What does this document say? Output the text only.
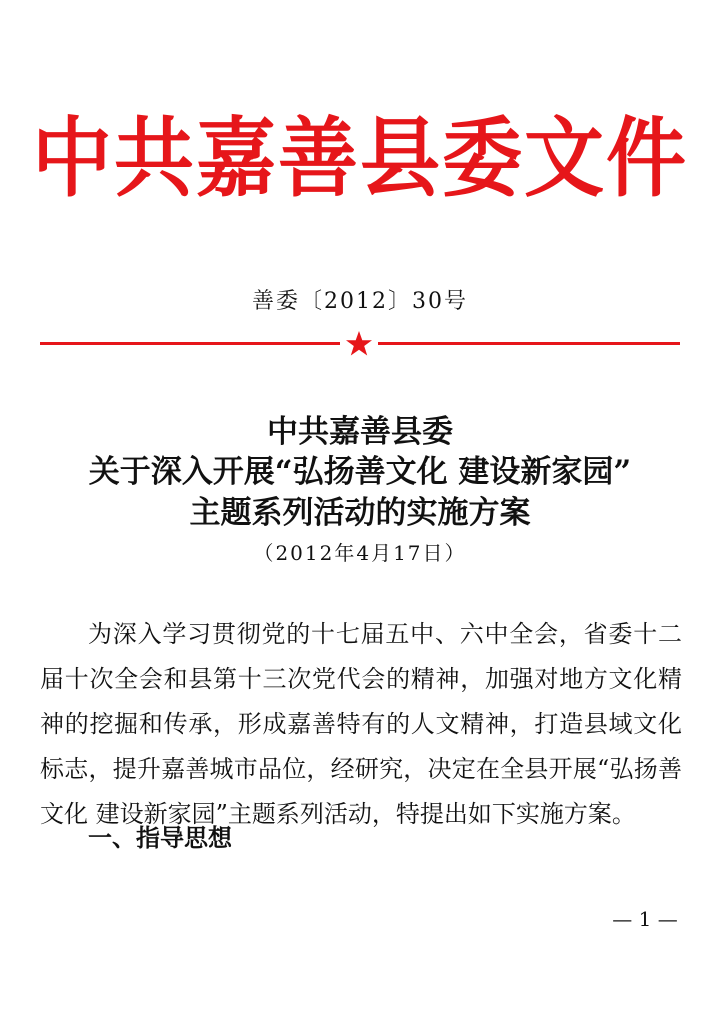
中共嘉善县委文件
善委〔2012〕30号
中共嘉善县委
关于深入开展“弘扬善文化 建设新家园”
主题系列活动的实施方案
（2012年4月17日）

为深入学习贯彻党的十七届五中、六中全会，省委十二届十次全会和县第十三次党代会的精神，加强对地方文化精神的挖掘和传承，形成嘉善特有的人文精神，打造县域文化标志，提升嘉善城市品位，经研究，决定在全县开展“弘扬善文化 建设新家园”主题系列活动，特提出如下实施方案。

一、指导思想
— 1 —
